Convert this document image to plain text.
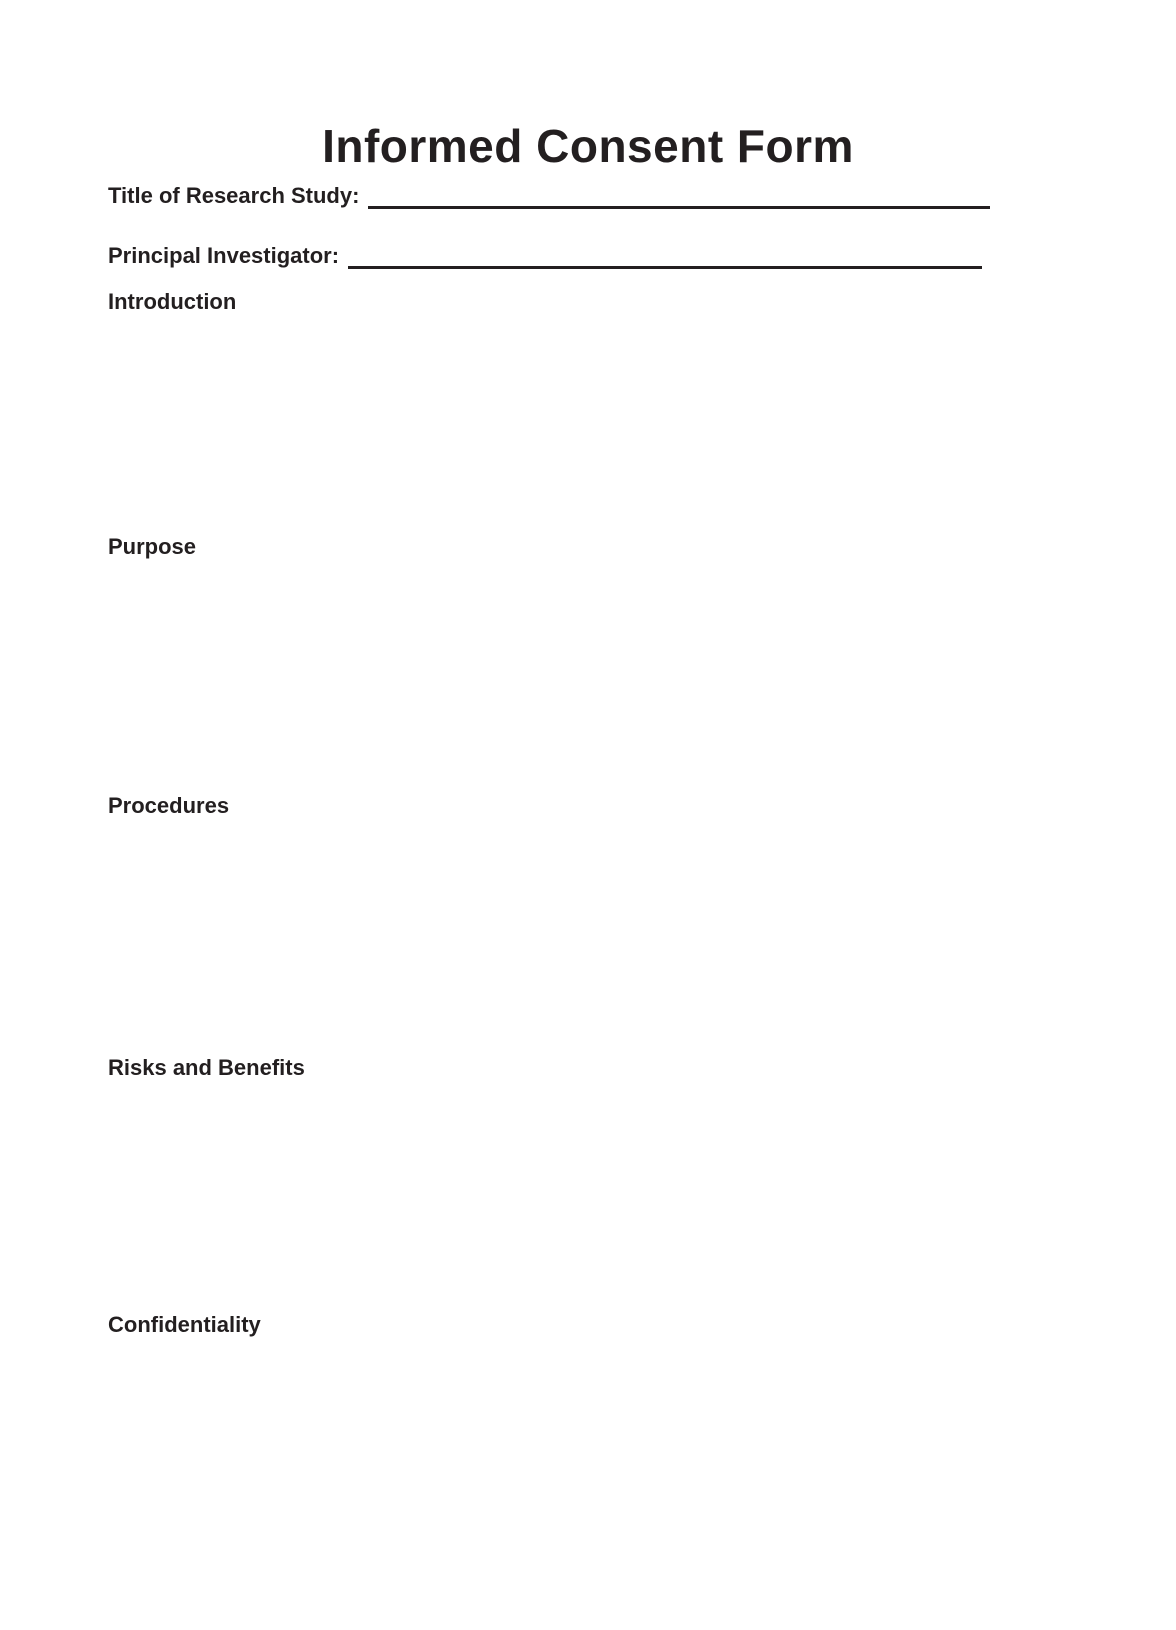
Informed Consent Form
Title of Research Study:
Principal Investigator:
Introduction
Purpose
Procedures
Risks and Benefits
Confidentiality
